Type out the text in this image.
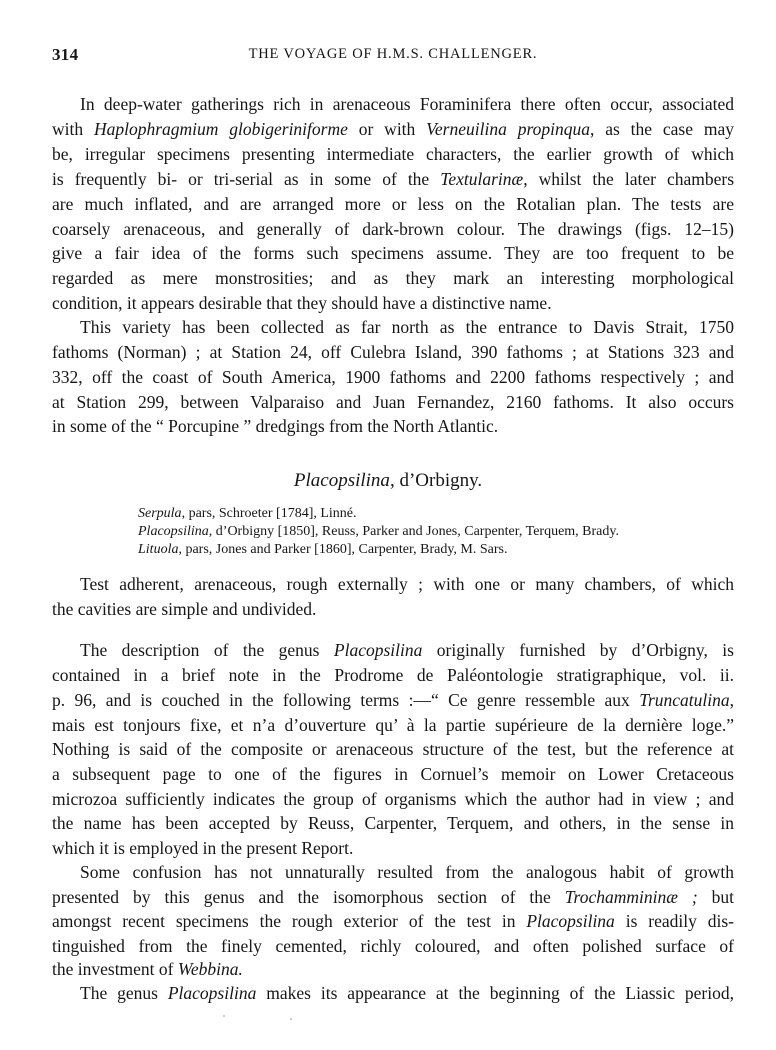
314	THE VOYAGE OF H.M.S. CHALLENGER.
In deep-water gatherings rich in arenaceous Foraminifera there often occur, associated
with Haplophragmium globigeriniforme or with Verneuilina propinqua, as the case may
be, irregular specimens presenting intermediate characters, the earlier growth of which
is frequently bi- or tri-serial as in some of the Textularinæ, whilst the later chambers
are much inflated, and are arranged more or less on the Rotalian plan. The tests are
coarsely arenaceous, and generally of dark-brown colour. The drawings (figs. 12–15)
give a fair idea of the forms such specimens assume. They are too frequent to be
regarded as mere monstrosities; and as they mark an interesting morphological
condition, it appears desirable that they should have a distinctive name.
This variety has been collected as far north as the entrance to Davis Strait, 1750
fathoms (Norman) ; at Station 24, off Culebra Island, 390 fathoms ; at Stations 323 and
332, off the coast of South America, 1900 fathoms and 2200 fathoms respectively ; and
at Station 299, between Valparaiso and Juan Fernandez, 2160 fathoms. It also occurs
in some of the “ Porcupine ” dredgings from the North Atlantic.
Placopsilina, d’Orbigny.
Serpula, pars, Schroeter [1784], Linné.
Placopsilina, d’Orbigny [1850], Reuss, Parker and Jones, Carpenter, Terquem, Brady.
Lituola, pars, Jones and Parker [1860], Carpenter, Brady, M. Sars.
Test adherent, arenaceous, rough externally ; with one or many chambers, of which
the cavities are simple and undivided.
The description of the genus Placopsilina originally furnished by d’Orbigny, is
contained in a brief note in the Prodrome de Paléontologie stratigraphique, vol. ii.
p. 96, and is couched in the following terms :—“ Ce genre ressemble aux Truncatulina,
mais est tonjours fixe, et n’a d’ouverture qu’ à la partie supérieure de la dernière loge.”
Nothing is said of the composite or arenaceous structure of the test, but the reference at
a subsequent page to one of the figures in Cornuel’s memoir on Lower Cretaceous
microzoa sufficiently indicates the group of organisms which the author had in view ; and
the name has been accepted by Reuss, Carpenter, Terquem, and others, in the sense in
which it is employed in the present Report.
Some confusion has not unnaturally resulted from the analogous habit of growth
presented by this genus and the isomorphous section of the Trochammininæ ; but
amongst recent specimens the rough exterior of the test in Placopsilina is readily dis-
tinguished from the finely cemented, richly coloured, and often polished surface of
the investment of Webbina.
The genus Placopsilina makes its appearance at the beginning of the Liassic period,
